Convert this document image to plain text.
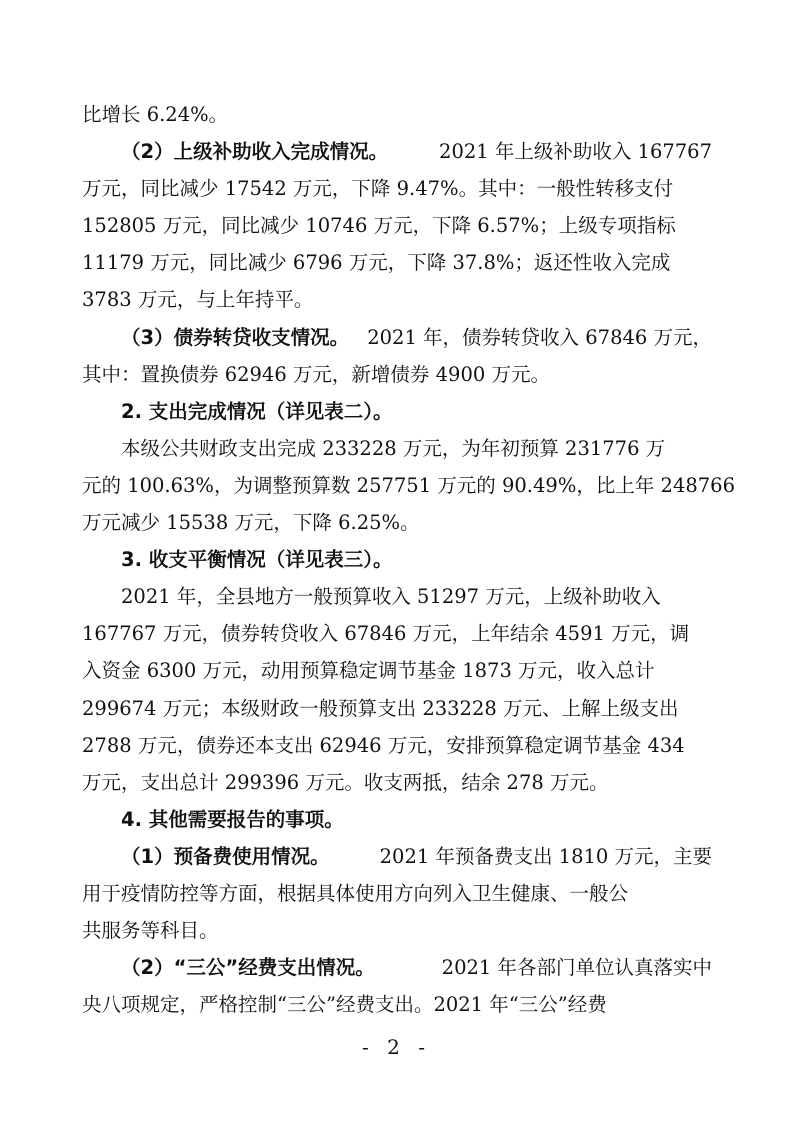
比增长 6.24%。
（2）上级补助收入完成情况。	2021 年上级补助收入 167767
万元，同比减少 17542 万元，下降 9.47%。其中：一般性转移支付
152805 万元，同比减少 10746 万元，下降 6.57%；上级专项指标
11179 万元，同比减少 6796 万元，下降 37.8%；返还性收入完成
3783 万元，与上年持平。
（3）债券转贷收支情况。 2021 年，债券转贷收入 67846 万元，
其中：置换债券 62946 万元，新增债券 4900 万元。
2. 支出完成情况（详见表二）。
本级公共财政支出完成 233228 万元，为年初预算 231776 万
元的 100.63%，为调整预算数 257751 万元的 90.49%，比上年 248766
万元减少 15538 万元，下降 6.25%。
3. 收支平衡情况（详见表三）。
2021 年，全县地方一般预算收入 51297 万元，上级补助收入
167767 万元，债券转贷收入 67846 万元，上年结余 4591 万元，调
入资金 6300 万元，动用预算稳定调节基金 1873 万元，收入总计
299674 万元；本级财政一般预算支出 233228 万元、上解上级支出
2788 万元，债券还本支出 62946 万元，安排预算稳定调节基金 434
万元，支出总计 299396 万元。收支两抵，结余 278 万元。
4. 其他需要报告的事项。
（1）预备费使用情况。	2021 年预备费支出 1810 万元，主要
用于疫情防控等方面，根据具体使用方向列入卫生健康、一般公
共服务等科目。
（2）“三公”经费支出情况。	2021 年各部门单位认真落实中
央八项规定，严格控制“三公”经费支出。2021 年“三公”经费
- 2 -
